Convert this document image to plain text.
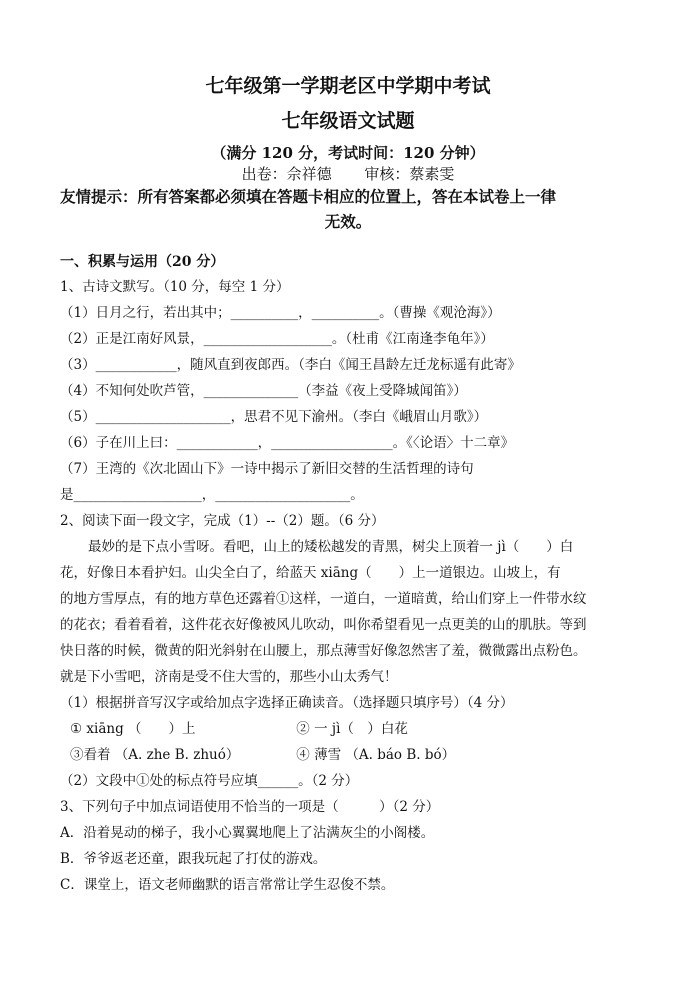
七年级第一学期老区中学期中考试
七年级语文试题
（满分 120 分，考试时间：120 分钟）
出卷：佘祥德 审核：蔡素雯
友情提示：所有答案都必须填在答题卡相应的位置上，答在本试卷上一律
无效。
一、积累与运用（20 分）
1、古诗文默写。（10 分，每空 1 分）
（1）日月之行，若出其中；__________，__________。（曹操《观沧海》）
（2）正是江南好风景，___________________。（杜甫《江南逢李龟年》）
（3）____________，随风直到夜郎西。（李白《闻王昌龄左迁龙标遥有此寄》
（4）不知何处吹芦管，______________（李益《夜上受降城闻笛》）
（5）____________________，思君不见下渝州。（李白《峨眉山月歌》）
（6）子在川上曰：____________，__________________。《〈论语〉十二章》
（7）王湾的《次北固山下》一诗中揭示了新旧交替的生活哲理的诗句
是___________________，____________________。
2、阅读下面一段文字，完成（1）--（2）题。（6 分）
最妙的是下点小雪呀。看吧，山上的矮松越发的青黑，树尖上顶着一 jì（　　）白
花，好像日本看护妇。山尖全白了，给蓝天 xiāng（　　）上一道银边。山坡上，有
的地方雪厚点，有的地方草色还露着①这样，一道白，一道暗黄，给山们穿上一件带水纹
的花衣；看着看着，这件花衣好像被风儿吹动，叫你希望看见一点更美的山的肌肤。等到
快日落的时候，微黄的阳光斜射在山腰上，那点薄雪好像忽然害了羞，微微露出点粉色。
就是下小雪吧，济南是受不住大雪的，那些小山太秀气！
（1）根据拼音写汉字或给加点字选择正确读音。（选择题只填序号）（4 分）
① xiāng （　　）上	② 一 jì（　）白花
③看着 （A. zhe B. zhuó）	④ 薄雪 （A. báo B. bó）
（2）文段中①处的标点符号应填______。（2 分）
3、下列句子中加点词语使用不恰当的一项是（　　　）（2 分）
A．沿着晃动的梯子，我小心翼翼地爬上了沾满灰尘的小阁楼。
B．爷爷返老还童，跟我玩起了打仗的游戏。
C．课堂上，语文老师幽默的语言常常让学生忍俊不禁。
